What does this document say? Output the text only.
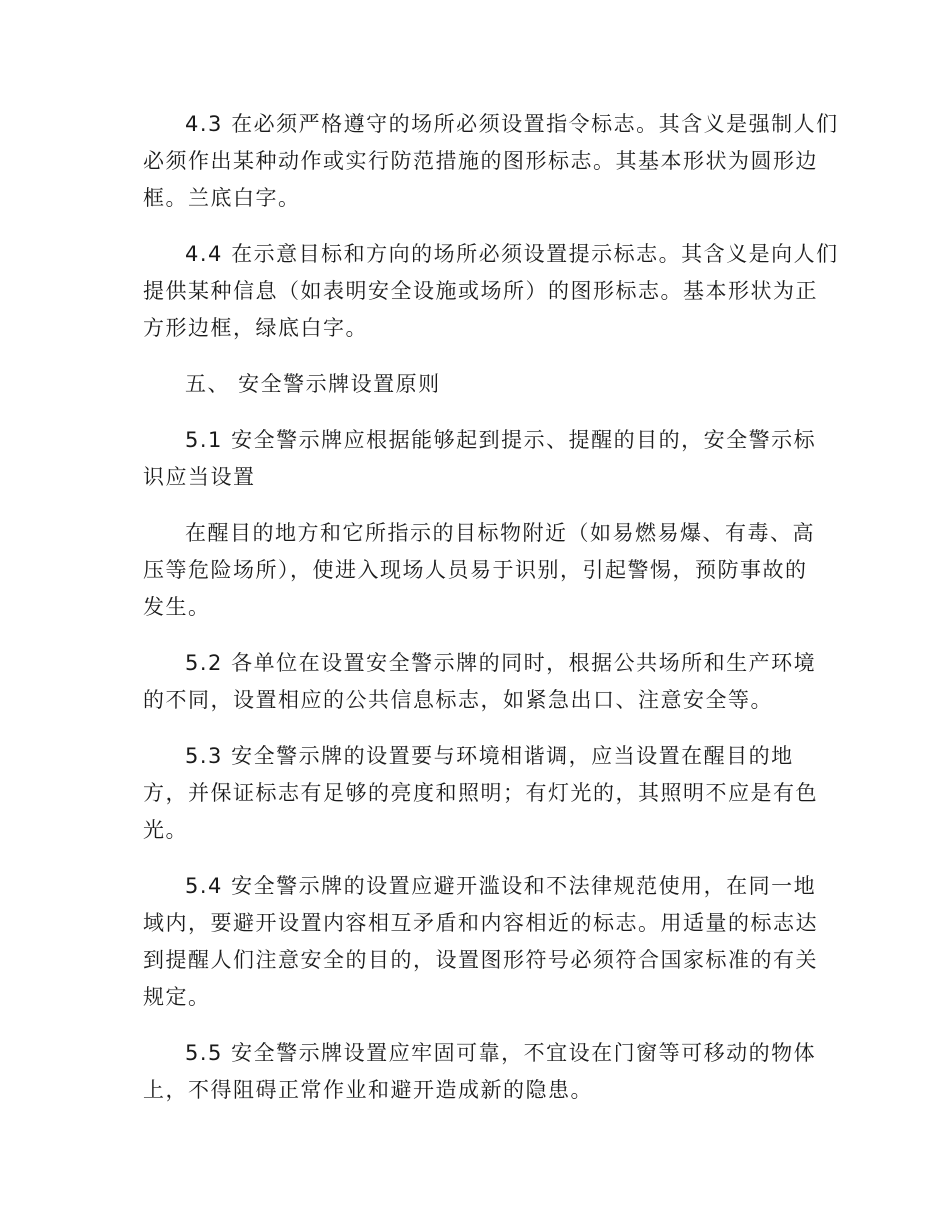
4.3 在必须严格遵守的场所必须设置指令标志。其含义是强制人们
必须作出某种动作或实行防范措施的图形标志。其基本形状为圆形边
框。兰底白字。

4.4 在示意目标和方向的场所必须设置提示标志。其含义是向人们
提供某种信息（如表明安全设施或场所）的图形标志。基本形状为正
方形边框，绿底白字。

五、 安全警示牌设置原则

5.1 安全警示牌应根据能够起到提示、提醒的目的，安全警示标
识应当设置

在醒目的地方和它所指示的目标物附近（如易燃易爆、有毒、高
压等危险场所），使进入现场人员易于识别，引起警惕，预防事故的
发生。

5.2 各单位在设置安全警示牌的同时，根据公共场所和生产环境
的不同，设置相应的公共信息标志，如紧急出口、注意安全等。

5.3 安全警示牌的设置要与环境相谐调，应当设置在醒目的地
方，并保证标志有足够的亮度和照明；有灯光的，其照明不应是有色
光。

5.4 安全警示牌的设置应避开滥设和不法律规范使用，在同一地
域内，要避开设置内容相互矛盾和内容相近的标志。用适量的标志达
到提醒人们注意安全的目的，设置图形符号必须符合国家标准的有关
规定。

5.5 安全警示牌设置应牢固可靠，不宜设在门窗等可移动的物体
上，不得阻碍正常作业和避开造成新的隐患。
